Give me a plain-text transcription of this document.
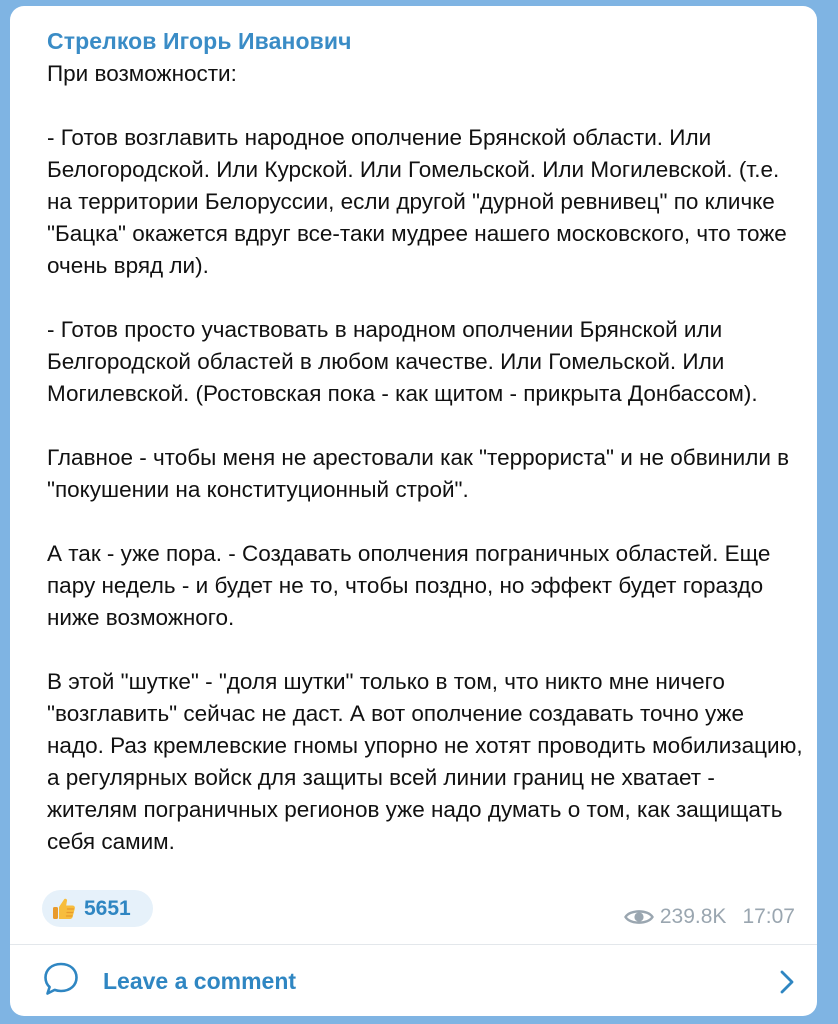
Стрелков Игорь Иванович

При возможности:

- Готов возглавить народное ополчение Брянской области. Или Белогородской. Или Курской. Или Гомельской. Или Могилевской. (т.е. на территории Белоруссии, если другой "дурной ревнивец" по кличке "Бацка" окажется вдруг все-таки мудрее нашего московского, что тоже очень вряд ли).

- Готов просто участвовать в народном ополчении Брянской или Белгородской областей в любом качестве. Или Гомельской. Или Могилевской. (Ростовская пока - как щитом - прикрыта Донбассом).

Главное - чтобы меня не арестовали как "террориста" и не обвинили в "покушении на конституционный строй".

А так - уже пора. - Создавать ополчения пограничных областей. Еще пару недель - и будет не то, чтобы поздно, но эффект будет гораздо ниже возможного.

В этой "шутке" - "доля шутки" только в том, что никто мне ничего "возглавить" сейчас не даст. А вот ополчение создавать точно уже надо. Раз кремлевские гномы упорно не хотят проводить мобилизацию, а регулярных войск для защиты всей линии границ не хватает - жителям пограничных регионов уже надо думать о том, как защищать себя самим.

5651	239.8K 17:07
Leave a comment
